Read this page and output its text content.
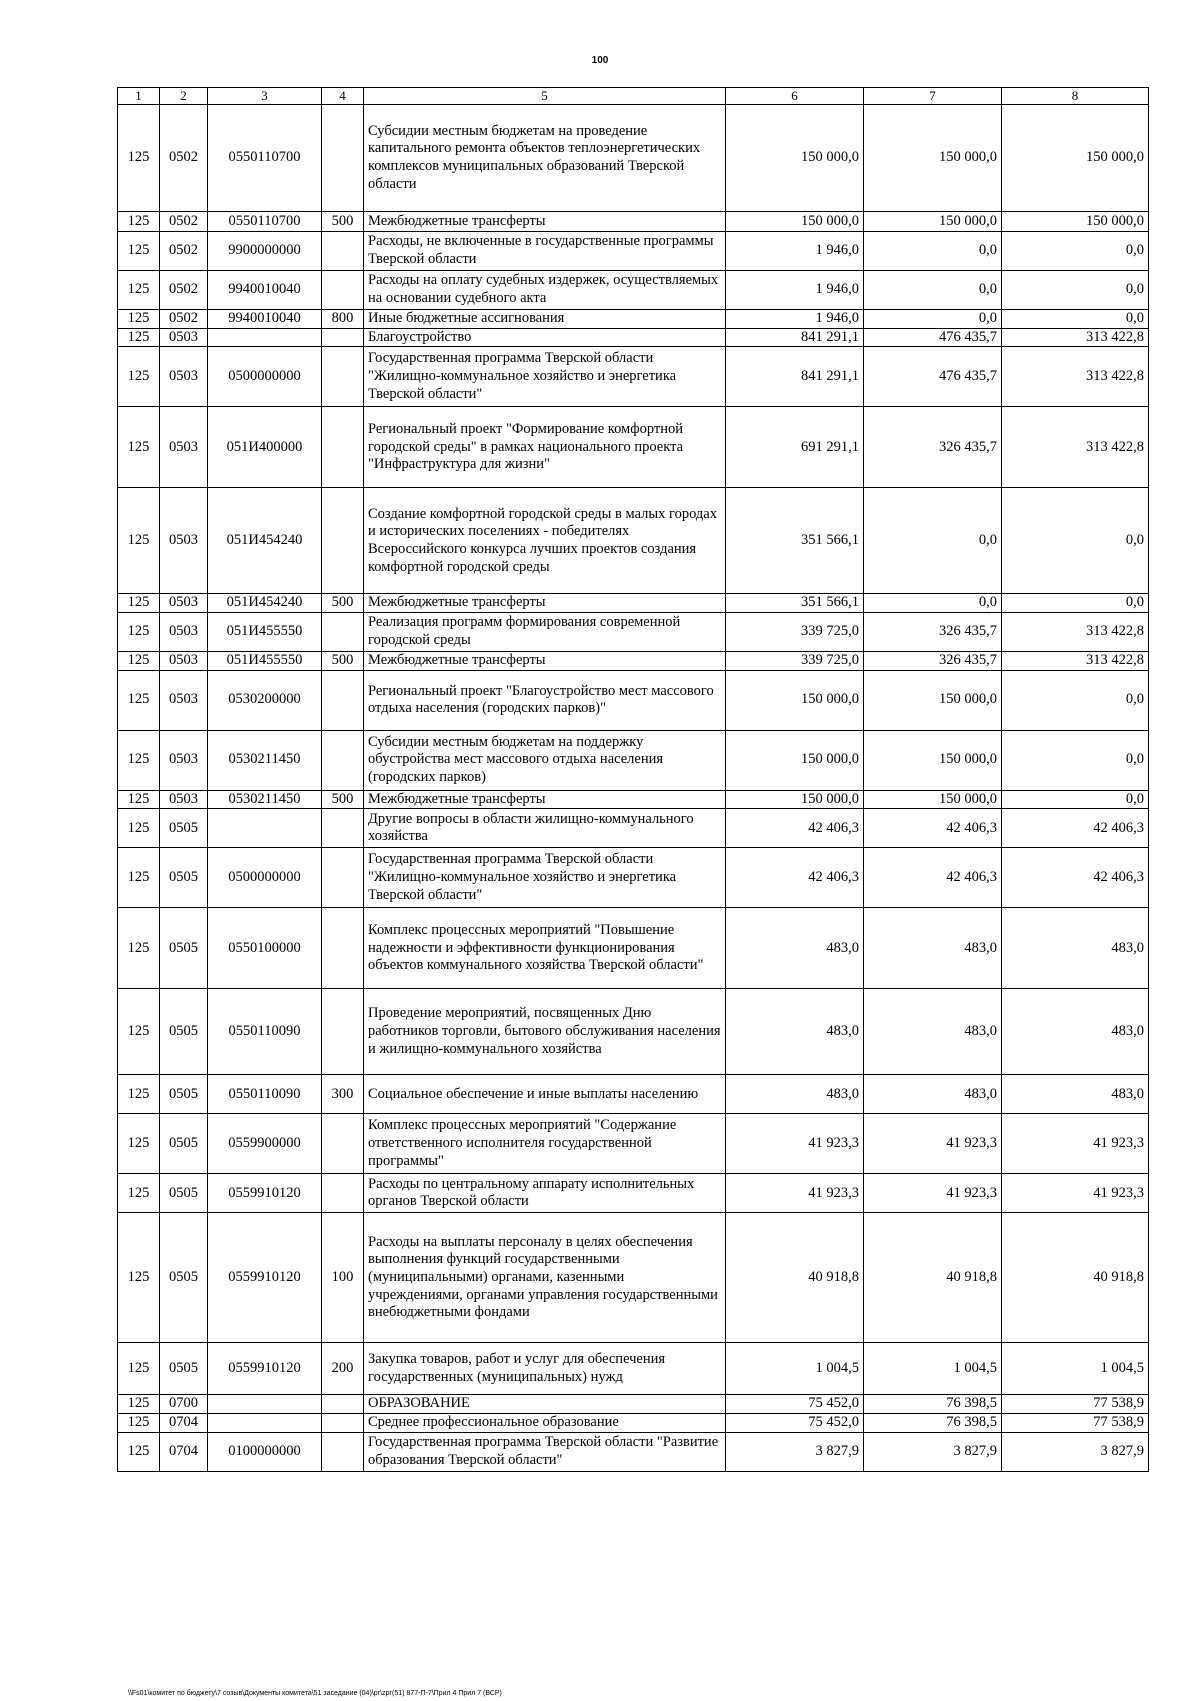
100
1	2	3	4	5	6	7	8
125	0502	0550110700		Субсидии местным бюджетам на проведение капитального ремонта объектов теплоэнергетических комплексов муниципальных образований Тверской области	150 000,0	150 000,0	150 000,0
125	0502	0550110700	500	Межбюджетные трансферты	150 000,0	150 000,0	150 000,0
125	0502	9900000000		Расходы, не включенные в государственные программы Тверской области	1 946,0	0,0	0,0
125	0502	9940010040		Расходы на оплату судебных издержек, осуществляемых на основании судебного акта	1 946,0	0,0	0,0
125	0502	9940010040	800	Иные бюджетные ассигнования	1 946,0	0,0	0,0
125	0503			Благоустройство	841 291,1	476 435,7	313 422,8
125	0503	0500000000		Государственная программа Тверской области "Жилищно-коммунальное хозяйство и энергетика Тверской области"	841 291,1	476 435,7	313 422,8
125	0503	051И400000		Региональный проект "Формирование комфортной городской среды" в рамках национального проекта "Инфраструктура для жизни"	691 291,1	326 435,7	313 422,8
125	0503	051И454240		Создание комфортной городской среды в малых городах и исторических поселениях - победителях Всероссийского конкурса лучших проектов создания комфортной городской среды	351 566,1	0,0	0,0
125	0503	051И454240	500	Межбюджетные трансферты	351 566,1	0,0	0,0
125	0503	051И455550		Реализация программ формирования современной городской среды	339 725,0	326 435,7	313 422,8
125	0503	051И455550	500	Межбюджетные трансферты	339 725,0	326 435,7	313 422,8
125	0503	0530200000		Региональный проект "Благоустройство мест массового отдыха населения (городских парков)"	150 000,0	150 000,0	0,0
125	0503	0530211450		Субсидии местным бюджетам на поддержку обустройства мест массового отдыха населения (городских парков)	150 000,0	150 000,0	0,0
125	0503	0530211450	500	Межбюджетные трансферты	150 000,0	150 000,0	0,0
125	0505			Другие вопросы в области жилищно-коммунального хозяйства	42 406,3	42 406,3	42 406,3
125	0505	0500000000		Государственная программа Тверской области "Жилищно-коммунальное хозяйство и энергетика Тверской области"	42 406,3	42 406,3	42 406,3
125	0505	0550100000		Комплекс процессных мероприятий "Повышение надежности и эффективности функционирования объектов коммунального хозяйства Тверской области"	483,0	483,0	483,0
125	0505	0550110090		Проведение мероприятий, посвященных Дню работников торговли, бытового обслуживания населения и жилищно-коммунального хозяйства	483,0	483,0	483,0
125	0505	0550110090	300	Социальное обеспечение и иные выплаты населению	483,0	483,0	483,0
125	0505	0559900000		Комплекс процессных мероприятий "Содержание ответственного исполнителя государственной программы"	41 923,3	41 923,3	41 923,3
125	0505	0559910120		Расходы по центральному аппарату исполнительных органов Тверской области	41 923,3	41 923,3	41 923,3
125	0505	0559910120	100	Расходы на выплаты персоналу в целях обеспечения выполнения функций государственными (муниципальными) органами, казенными учреждениями, органами управления государственными внебюджетными фондами	40 918,8	40 918,8	40 918,8
125	0505	0559910120	200	Закупка товаров, работ и услуг для обеспечения государственных (муниципальных) нужд	1 004,5	1 004,5	1 004,5
125	0700			ОБРАЗОВАНИЕ	75 452,0	76 398,5	77 538,9
125	0704			Среднее профессиональное образование	75 452,0	76 398,5	77 538,9
125	0704	0100000000		Государственная программа Тверской области "Развитие образования Тверской области"	3 827,9	3 827,9	3 827,9
\\Fs01\комитет по бюджету\7 созыв\Документы комитета\51 заседание (04)\рг\zрг(51) 877-П-7\Прил 4 Прил 7 (ВСР)
